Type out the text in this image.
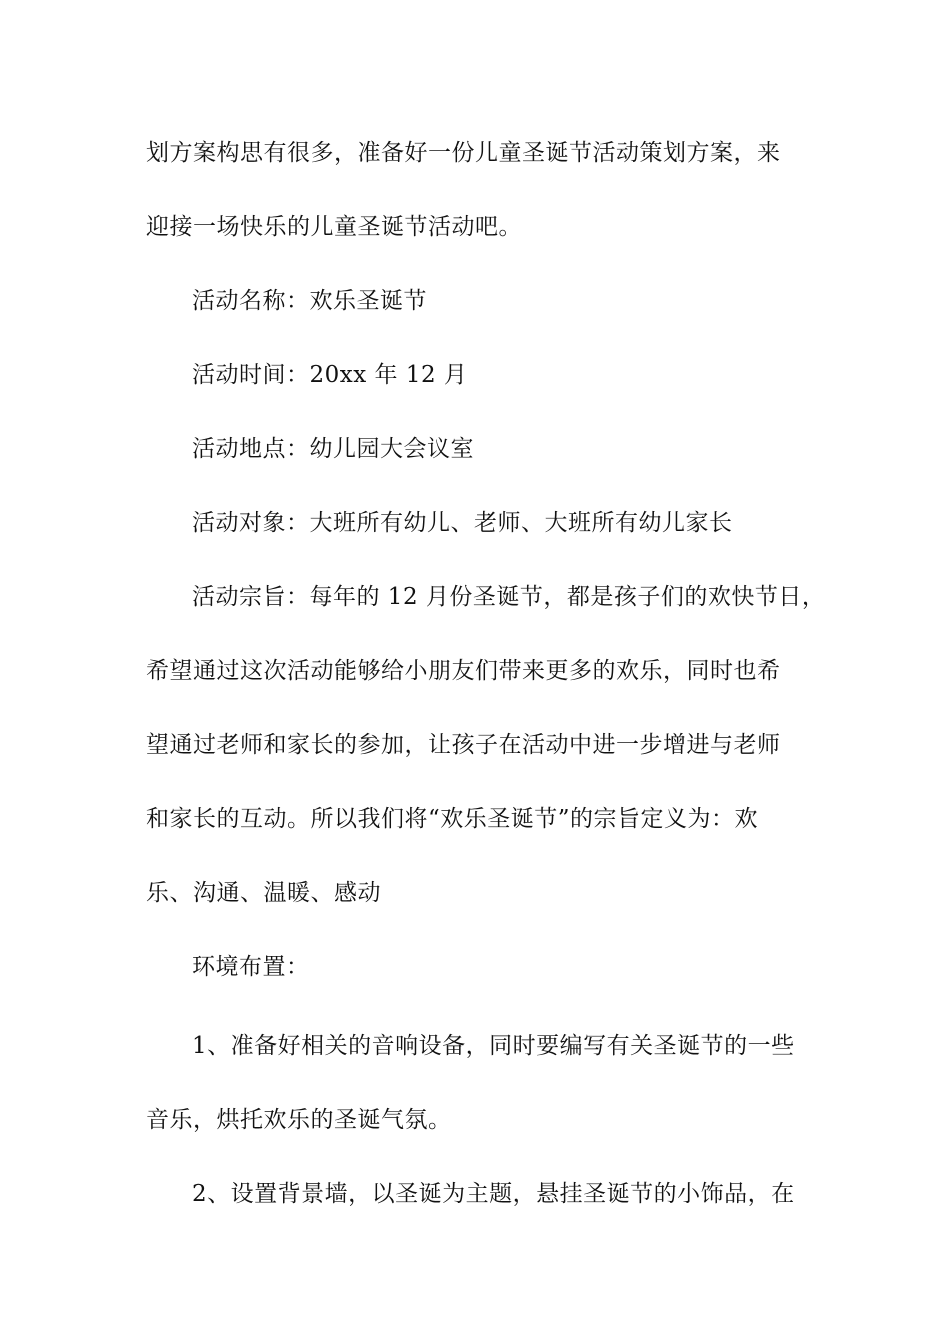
划方案构思有很多，准备好一份儿童圣诞节活动策划方案，来
迎接一场快乐的儿童圣诞节活动吧。
活动名称：欢乐圣诞节
活动时间：20xx 年 12 月
活动地点：幼儿园大会议室
活动对象：大班所有幼儿、老师、大班所有幼儿家长
活动宗旨：每年的 12 月份圣诞节，都是孩子们的欢快节日，
希望通过这次活动能够给小朋友们带来更多的欢乐，同时也希
望通过老师和家长的参加，让孩子在活动中进一步增进与老师
和家长的互动。所以我们将“欢乐圣诞节”的宗旨定义为：欢
乐、沟通、温暖、感动
环境布置：
1、准备好相关的音响设备，同时要编写有关圣诞节的一些
音乐，烘托欢乐的圣诞气氛。
2、设置背景墙，以圣诞为主题，悬挂圣诞节的小饰品，在
